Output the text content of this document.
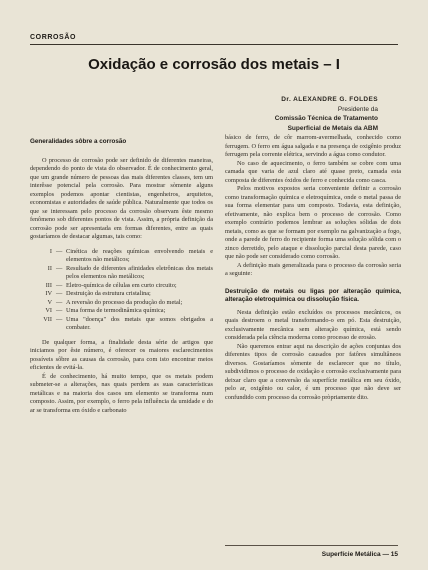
CORROSÃO
Oxidação e corrosão dos metais – I
Dr. ALEXANDRE G. FOLDES
Presidente da
Comissão Técnica de Tratamento
Superficial de Metais da ABM
Generalidades sôbre a corrosão

O processo de corrosão pode ser definido de diferentes maneiras, dependendo do ponto de vista do observador. É de conhecimento geral, que um grande número de pessoas das mais diferentes classes, tem um interêsse potencial pela corrosão. Para mostrar sòmente alguns exemplos podemos apontar cientistas, engenheiros, arquitetos, economistas e autoridades de saúde pública. Naturalmente que todos os que se interessam pelo processo da corrosão observam êste mesmo fenômeno sob diferentes pontos de vista. Assim, a própria definição da corrosão pode ser apresentada em formas diferentes, entre as quais gostaríamos de destacar algumas, tais como:

I — Cinética de reações químicas envolvendo metais e elementos não metálicos;
II — Resultado de diferentes afinidades eletrônicas dos metais pelos elementos não metálicos;
III — Eletro-química de células em curto circuito;
IV — Destruição da estrutura cristalina;
V — A reversão do processo da produção do metal;
VI — Uma forma de termodinâmica química;
VII — Uma "doença" dos metais que somos obrigados a combater.

De qualquer forma, a finalidade desta série de artigos que iniciamos por êste número, é oferecer os maiores esclarecimentos possíveis sôbre as causas da corrosão, para com isto encontrar meios eficientes de evitá-la.

É de conhecimento, há muito tempo, que os metais podem submeter-se a alterações, nas quais perdem as suas características metálicas e na maioria dos casos um elemento se transforma num composto. Assim, por exemplo, o ferro pela influência da umidade e do ar se transforma em óxido e carbonato

básico de ferro, de côr marrom-avermelhada, conhecido como ferrugem. O ferro em água salgada e na presença de oxigênio produz ferrugem pela corrente elétrica, servindo a água como condutor.

No caso de aquecimento, o ferro também se cobre com uma camada que varia de azul claro até quase preto, camada esta composta de diferentes óxidos de ferro e conhecida como casca.

Pelos motivos expostos seria conveniente definir a corrosão como transformação química e eletroquímica, onde o metal passa de sua forma elementar para um composto. Todavia, esta definição, efetivamente, não explica bem o processo de corrosão. Como exemplo contrário podemos lembrar as soluções sólidas de dois metais, como as que se formam por exemplo na galvanização a fogo, onde a parede de ferro do recipiente forma uma solução sólida com o zinco derretido, pelo ataque e dissolução parcial desta parede, caso que não pode ser considerado como corrosão.

A definição mais generalizada para o processo da corrosão seria a seguinte:

Destruição de metais ou ligas por alteração química, alteração eletroquímica ou dissolução física.

Nesta definição estão excluídos os processos mecânicos, os quais destroem o metal transformando-o em pó. Esta destruição, exclusivamente mecânica sem alteração química, está sendo considerada pela ciência moderna como processo de erosão.

Não queremos entrar aqui na descrição de ações conjuntas dos diferentes tipos de corrosão causados por fatôres simultâneos diversos. Gostaríamos sòmente de esclarecer que no título, subdividimos o processo de oxidação e corrosão exclusivamente para deixar claro que a conversão da superfície metálica em seu óxido, pelo ar, oxigênio ou calor, é um processo que não deve ser confundido com processo da corrosão pròpriamente dito.

Superfície Metálica — 15
